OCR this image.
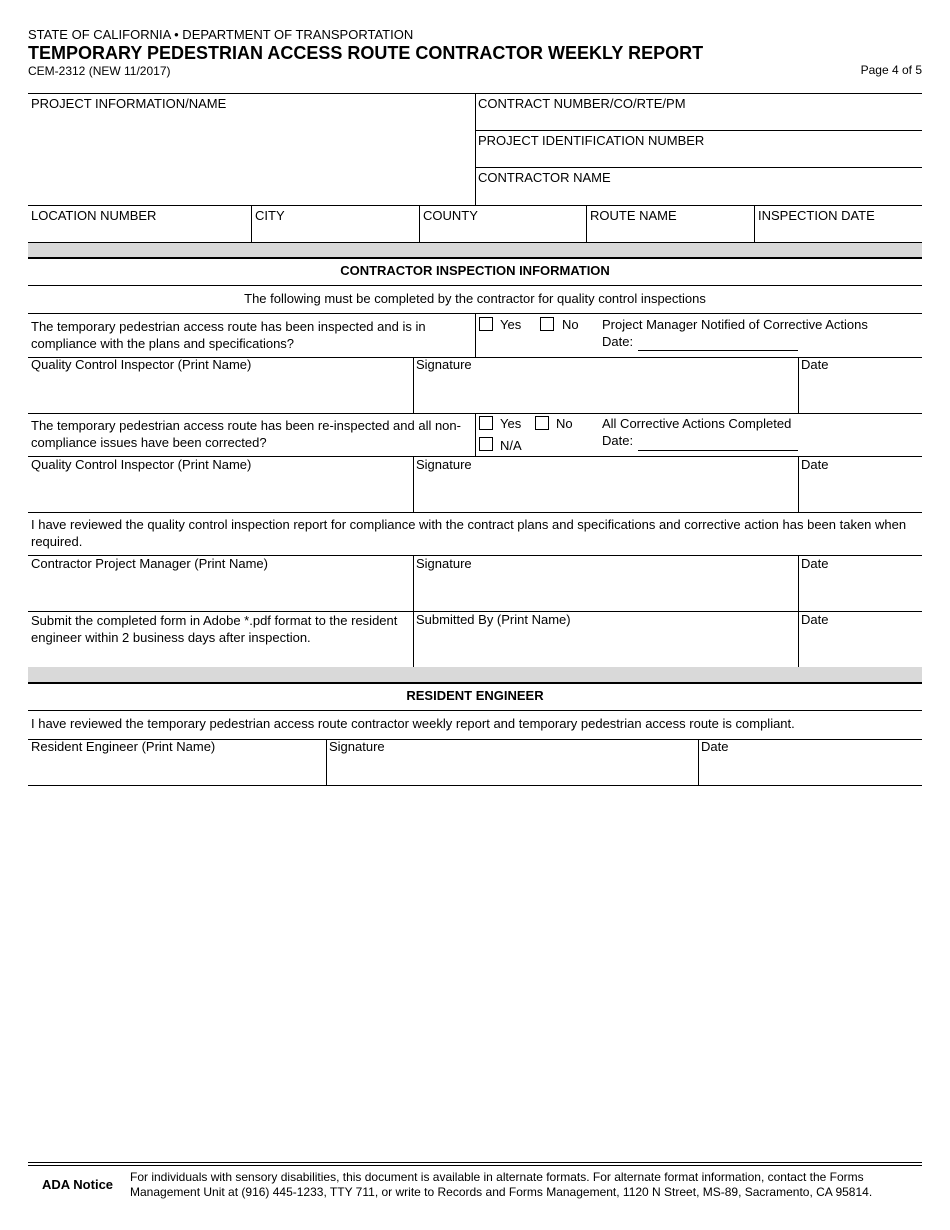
STATE OF CALIFORNIA • DEPARTMENT OF TRANSPORTATION
TEMPORARY PEDESTRIAN ACCESS ROUTE CONTRACTOR WEEKLY REPORT
CEM-2312 (NEW 11/2017)	Page 4 of 5
PROJECT INFORMATION/NAME	CONTRACT NUMBER/CO/RTE/PM
PROJECT IDENTIFICATION NUMBER
CONTRACTOR NAME
LOCATION NUMBER	CITY	COUNTY	ROUTE NAME	INSPECTION DATE
CONTRACTOR INSPECTION INFORMATION
The following must be completed by the contractor for quality control inspections
The temporary pedestrian access route has been inspected and is in compliance with the plans and specifications?
Yes	No Project Manager Notified of Corrective Actions
Date:
Quality Control Inspector (Print Name)	Signature	Date
The temporary pedestrian access route has been re-inspected and all non-compliance issues have been corrected?
Yes	No
N/A
All Corrective Actions Completed
Date:
Quality Control Inspector (Print Name)	Signature	Date
I have reviewed the quality control inspection report for compliance with the contract plans and specifications and corrective action has been taken when required.
Contractor Project Manager (Print Name)	Signature	Date
Submit the completed form in Adobe *.pdf format to the resident engineer within 2 business days after inspection.
Submitted By (Print Name)	Date
RESIDENT ENGINEER
I have reviewed the temporary pedestrian access route contractor weekly report and temporary pedestrian access route is compliant.
Resident Engineer (Print Name)	Signature	Date
ADA Notice For individuals with sensory disabilities, this document is available in alternate formats. For alternate format information, contact the Forms Management Unit at (916) 445-1233, TTY 711, or write to Records and Forms Management, 1120 N Street, MS-89, Sacramento, CA 95814.
